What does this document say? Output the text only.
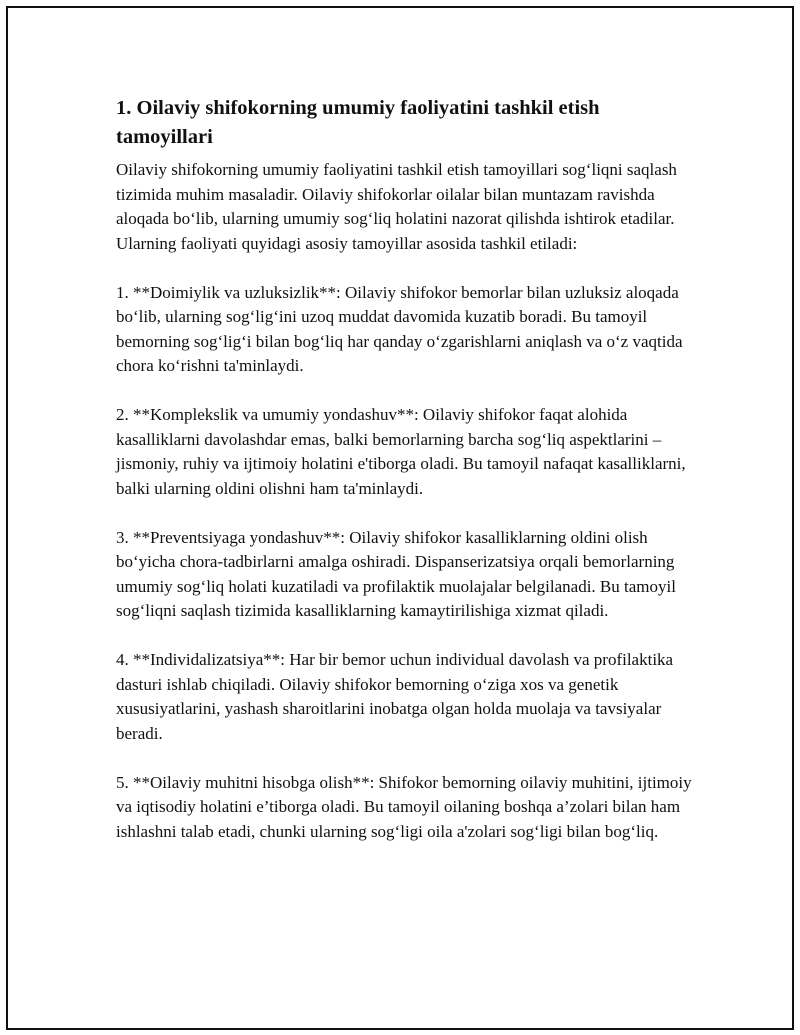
1. Oilaviy shifokorning umumiy faoliyatini tashkil etish tamoyillari

Oilaviy shifokorning umumiy faoliyatini tashkil etish tamoyillari sog‘liqni saqlash tizimida muhim masaladir. Oilaviy shifokorlar oilalar bilan muntazam ravishda aloqada bo‘lib, ularning umumiy sog‘liq holatini nazorat qilishda ishtirok etadilar. Ularning faoliyati quyidagi asosiy tamoyillar asosida tashkil etiladi:

1. **Doimiylik va uzluksizlik**: Oilaviy shifokor bemorlar bilan uzluksiz aloqada bo‘lib, ularning sog‘lig‘ini uzoq muddat davomida kuzatib boradi. Bu tamoyil bemorning sog‘lig‘i bilan bog‘liq har qanday o‘zgarishlarni aniqlash va o‘z vaqtida chora ko‘rishni ta'minlaydi.

2. **Komplekslik va umumiy yondashuv**: Oilaviy shifokor faqat alohida kasalliklarni davolashdar emas, balki bemorlarning barcha sog‘liq aspektlarini – jismoniy, ruhiy va ijtimoiy holatini e'tiborga oladi. Bu tamoyil nafaqat kasalliklarni, balki ularning oldini olishni ham ta'minlaydi.

3. **Preventsiyaga yondashuv**: Oilaviy shifokor kasalliklarning oldini olish bo‘yicha chora-tadbirlarni amalga oshiradi. Dispanserizatsiya orqali bemorlarning umumiy sog‘liq holati kuzatiladi va profilaktik muolajalar belgilanadi. Bu tamoyil sog‘liqni saqlash tizimida kasalliklarning kamaytirilishiga xizmat qiladi.

4. **Individalizatsiya**: Har bir bemor uchun individual davolash va profilaktika dasturi ishlab chiqiladi. Oilaviy shifokor bemorning o‘ziga xos va genetik xususiyatlarini, yashash sharoitlarini inobatga olgan holda muolaja va tavsiyalar beradi.

5. **Oilaviy muhitni hisobga olish**: Shifokor bemorning oilaviy muhitini, ijtimoiy va iqtisodiy holatini e’tiborga oladi. Bu tamoyil oilaning boshqa a’zolari bilan ham ishlashni talab etadi, chunki ularning sog‘ligi oila a'zolari sog‘ligi bilan bog‘liq.
